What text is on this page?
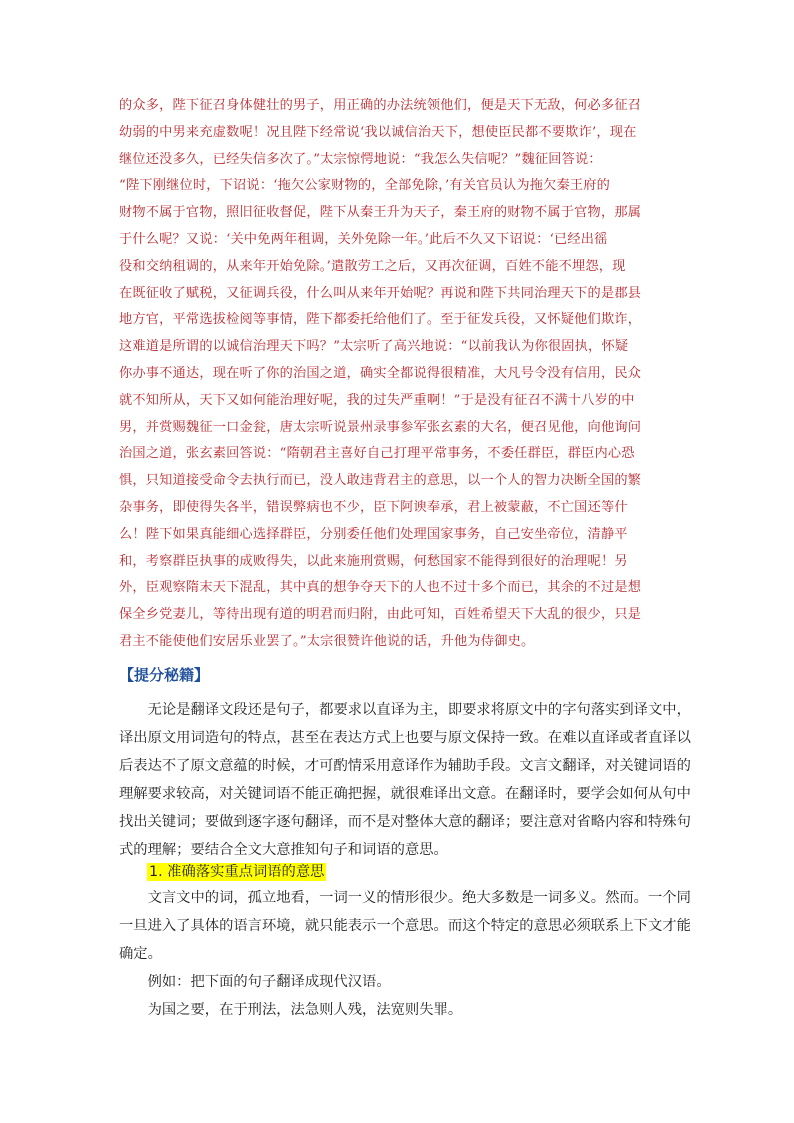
的众多，陛下征召身体健壮的男子，用正确的办法统领他们，便是天下无敌，何必多征召
幼弱的中男来充虚数呢！况且陛下经常说‘我以诚信治天下，想使臣民都不要欺诈’，现在
继位还没多久，已经失信多次了。”太宗惊愕地说：“我怎么失信呢？”魏征回答说：
“陛下刚继位时，下诏说：‘拖欠公家财物的，全部免除，’有关官员认为拖欠秦王府的
财物不属于官物，照旧征收督促，陛下从秦王升为天子，秦王府的财物不属于官物，那属
于什么呢？又说：‘关中免两年租调，关外免除一年。’此后不久又下诏说：‘已经出徭
役和交纳租调的，从来年开始免除。’遣散劳工之后，又再次征调，百姓不能不埋怨，现
在既征收了赋税，又征调兵役，什么叫从来年开始呢？再说和陛下共同治理天下的是郡县
地方官，平常选拔检阅等事情，陛下都委托给他们了。至于征发兵役，又怀疑他们欺诈，
这难道是所谓的以诚信治理天下吗？”太宗听了高兴地说：“以前我认为你很固执，怀疑
你办事不通达，现在听了你的治国之道，确实全都说得很精准，大凡号令没有信用，民众
就不知所从，天下又如何能治理好呢，我的过失严重啊！”于是没有征召不满十八岁的中
男，并赏赐魏征一口金瓮，唐太宗听说景州录事参军张玄素的大名，便召见他，向他询问
治国之道，张玄素回答说：“隋朝君主喜好自己打理平常事务，不委任群臣，群臣内心恐
惧，只知道接受命令去执行而已，没人敢违背君主的意思，以一个人的智力决断全国的繁
杂事务，即使得失各半，错误弊病也不少，臣下阿谀奉承，君上被蒙蔽，不亡国还等什
么！陛下如果真能细心选择群臣，分别委任他们处理国家事务，自己安坐帝位，清静平
和，考察群臣执事的成败得失，以此来施刑赏赐，何愁国家不能得到很好的治理呢！另
外，臣观察隋末天下混乱，其中真的想争夺天下的人也不过十多个而已，其余的不过是想
保全乡党妻儿，等待出现有道的明君而归附，由此可知，百姓希望天下大乱的很少，只是
君主不能使他们安居乐业罢了。”太宗很赞许他说的话，升他为侍御史。
【提分秘籍】
　　无论是翻译文段还是句子，都要求以直译为主，即要求将原文中的字句落实到译文中，
译出原文用词造句的特点，甚至在表达方式上也要与原文保持一致。在难以直译或者直译以
后表达不了原文意蕴的时候，才可酌情采用意译作为辅助手段。文言文翻译，对关键词语的
理解要求较高，对关键词语不能正确把握，就很难译出文意。在翻译时，要学会如何从句中
找出关键词；要做到逐字逐句翻译，而不是对整体大意的翻译；要注意对省略内容和特殊句
式的理解；要结合全文大意推知句子和词语的意思。
1. 准确落实重点词语的意思
　　文言文中的词，孤立地看，一词一义的情形很少。绝大多数是一词多义。然而。一个同
一旦进入了具体的语言环境，就只能表示一个意思。而这个特定的意思必须联系上下文才能
确定。
　　例如：把下面的句子翻译成现代汉语。
　　为国之要，在于刑法，法急则人残，法宽则失罪。
